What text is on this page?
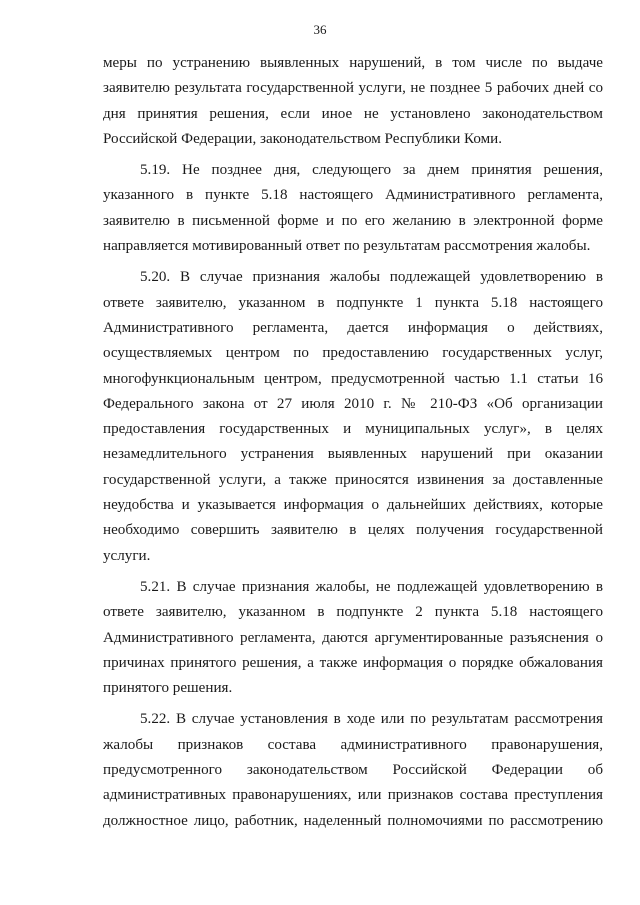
36

меры по устранению выявленных нарушений, в том числе по выдаче заявителю результата государственной услуги, не позднее 5 рабочих дней со дня принятия решения, если иное не установлено законодательством Российской Федерации, законодательством Республики Коми.

5.19. Не позднее дня, следующего за днем принятия решения, указанного в пункте 5.18 настоящего Административного регламента, заявителю в письменной форме и по его желанию в электронной форме направляется мотивированный ответ по результатам рассмотрения жалобы.

5.20. В случае признания жалобы подлежащей удовлетворению в ответе заявителю, указанном в подпункте 1 пункта 5.18 настоящего Административного регламента, дается информация о действиях, осуществляемых центром по предоставлению государственных услуг, многофункциональным центром, предусмотренной частью 1.1 статьи 16 Федерального закона от 27 июля 2010 г. № 210-ФЗ «Об организации предоставления государственных и муниципальных услуг», в целях незамедлительного устранения выявленных нарушений при оказании государственной услуги, а также приносятся извинения за доставленные неудобства и указывается информация о дальнейших действиях, которые необходимо совершить заявителю в целях получения государственной услуги.

5.21. В случае признания жалобы, не подлежащей удовлетворению в ответе заявителю, указанном в подпункте 2 пункта 5.18 настоящего Административного регламента, даются аргументированные разъяснения о причинах принятого решения, а также информация о порядке обжалования принятого решения.

5.22. В случае установления в ходе или по результатам рассмотрения жалобы признаков состава административного правонарушения, предусмотренного законодательством Российской Федерации об административных правонарушениях, или признаков состава преступления должностное лицо, работник, наделенный полномочиями по рассмотрению
